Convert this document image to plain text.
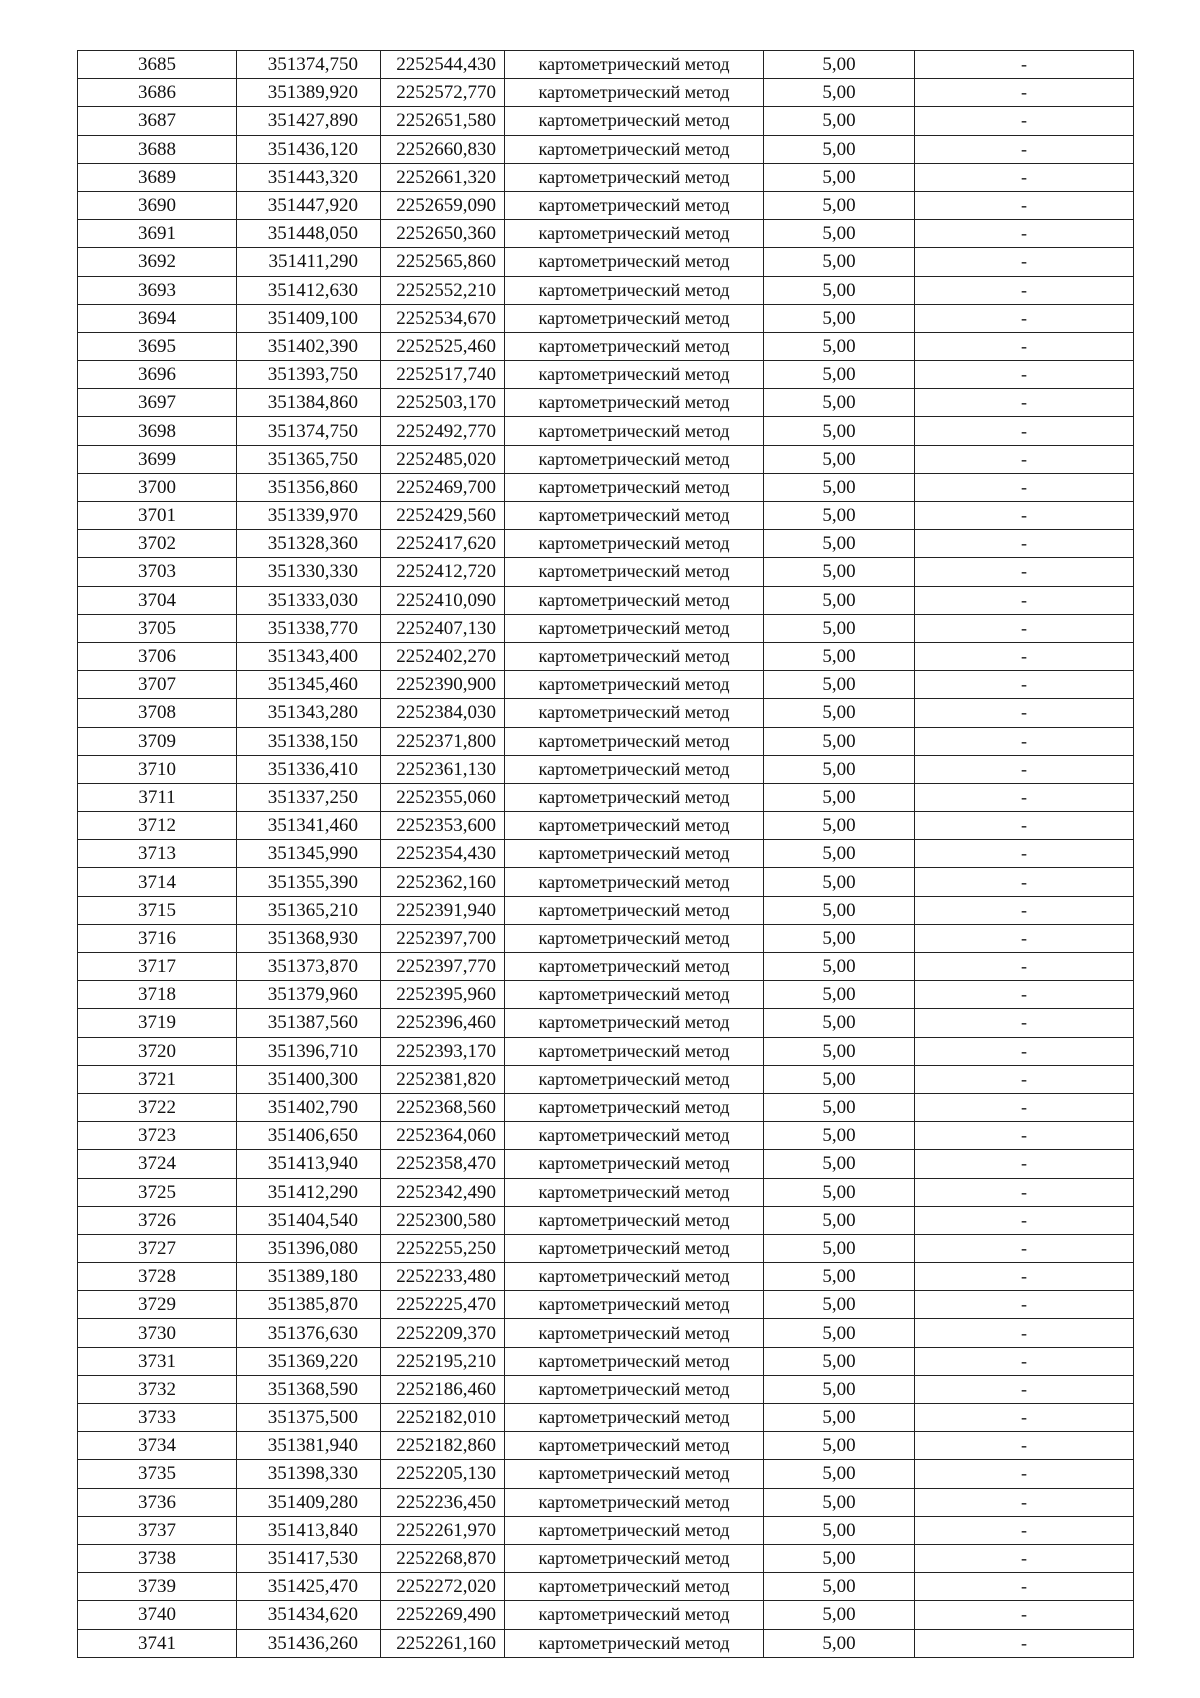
3685	351374,750	2252544,430	картометрический метод	5,00	-
3686	351389,920	2252572,770	картометрический метод	5,00	-
3687	351427,890	2252651,580	картометрический метод	5,00	-
3688	351436,120	2252660,830	картометрический метод	5,00	-
3689	351443,320	2252661,320	картометрический метод	5,00	-
3690	351447,920	2252659,090	картометрический метод	5,00	-
3691	351448,050	2252650,360	картометрический метод	5,00	-
3692	351411,290	2252565,860	картометрический метод	5,00	-
3693	351412,630	2252552,210	картометрический метод	5,00	-
3694	351409,100	2252534,670	картометрический метод	5,00	-
3695	351402,390	2252525,460	картометрический метод	5,00	-
3696	351393,750	2252517,740	картометрический метод	5,00	-
3697	351384,860	2252503,170	картометрический метод	5,00	-
3698	351374,750	2252492,770	картометрический метод	5,00	-
3699	351365,750	2252485,020	картометрический метод	5,00	-
3700	351356,860	2252469,700	картометрический метод	5,00	-
3701	351339,970	2252429,560	картометрический метод	5,00	-
3702	351328,360	2252417,620	картометрический метод	5,00	-
3703	351330,330	2252412,720	картометрический метод	5,00	-
3704	351333,030	2252410,090	картометрический метод	5,00	-
3705	351338,770	2252407,130	картометрический метод	5,00	-
3706	351343,400	2252402,270	картометрический метод	5,00	-
3707	351345,460	2252390,900	картометрический метод	5,00	-
3708	351343,280	2252384,030	картометрический метод	5,00	-
3709	351338,150	2252371,800	картометрический метод	5,00	-
3710	351336,410	2252361,130	картометрический метод	5,00	-
3711	351337,250	2252355,060	картометрический метод	5,00	-
3712	351341,460	2252353,600	картометрический метод	5,00	-
3713	351345,990	2252354,430	картометрический метод	5,00	-
3714	351355,390	2252362,160	картометрический метод	5,00	-
3715	351365,210	2252391,940	картометрический метод	5,00	-
3716	351368,930	2252397,700	картометрический метод	5,00	-
3717	351373,870	2252397,770	картометрический метод	5,00	-
3718	351379,960	2252395,960	картометрический метод	5,00	-
3719	351387,560	2252396,460	картометрический метод	5,00	-
3720	351396,710	2252393,170	картометрический метод	5,00	-
3721	351400,300	2252381,820	картометрический метод	5,00	-
3722	351402,790	2252368,560	картометрический метод	5,00	-
3723	351406,650	2252364,060	картометрический метод	5,00	-
3724	351413,940	2252358,470	картометрический метод	5,00	-
3725	351412,290	2252342,490	картометрический метод	5,00	-
3726	351404,540	2252300,580	картометрический метод	5,00	-
3727	351396,080	2252255,250	картометрический метод	5,00	-
3728	351389,180	2252233,480	картометрический метод	5,00	-
3729	351385,870	2252225,470	картометрический метод	5,00	-
3730	351376,630	2252209,370	картометрический метод	5,00	-
3731	351369,220	2252195,210	картометрический метод	5,00	-
3732	351368,590	2252186,460	картометрический метод	5,00	-
3733	351375,500	2252182,010	картометрический метод	5,00	-
3734	351381,940	2252182,860	картометрический метод	5,00	-
3735	351398,330	2252205,130	картометрический метод	5,00	-
3736	351409,280	2252236,450	картометрический метод	5,00	-
3737	351413,840	2252261,970	картометрический метод	5,00	-
3738	351417,530	2252268,870	картометрический метод	5,00	-
3739	351425,470	2252272,020	картометрический метод	5,00	-
3740	351434,620	2252269,490	картометрический метод	5,00	-
3741	351436,260	2252261,160	картометрический метод	5,00	-
